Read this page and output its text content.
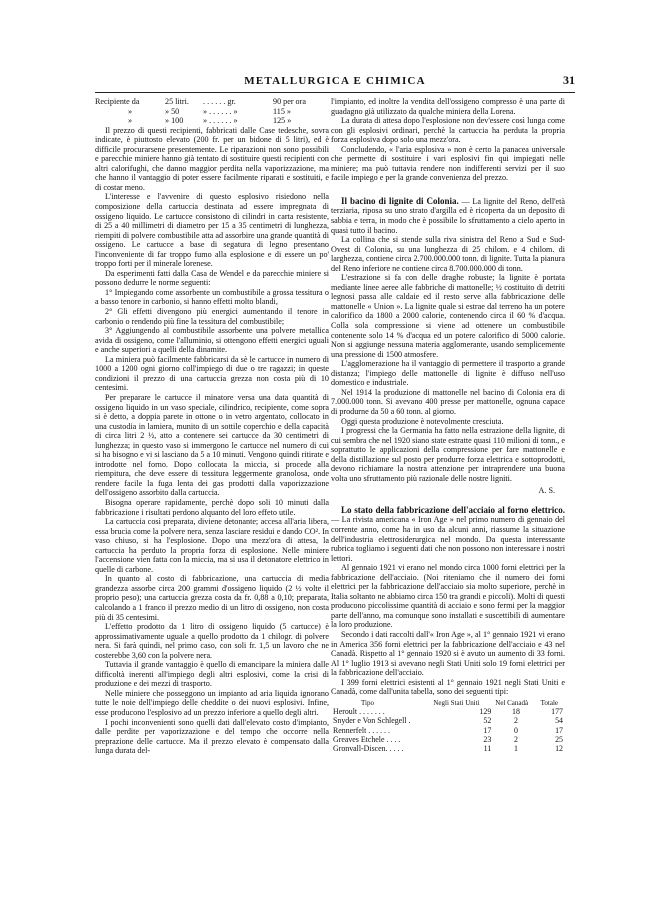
METALLURGICA E CHIMICA	31
Recipiente da	25 litri.	. . . . . . gr.	90 per ora
»	» 50	» . . . . . . »	115 »
»	» 100	» . . . . . . »	125 »

Il prezzo di questi recipienti, fabbricati dalle Case tedesche, sovra indicate, è piuttosto elevato (200 fr. per un bidone di 5 litri), ed è difficile procurarsene presentemente. Le riparazioni non sono possibili e parecchie miniere hanno già tentato di sostituire questi recipienti con altri calorifughi, che danno maggior perdita nella vaporizzazione, ma che hanno il vantaggio di poter essere facilmente riparati e sostituiti, e di costar meno.

L'interesse e l'avvenire di questo esplosivo risiedono nella composizione della cartuccia destinata ad essere impregnata di ossigeno liquido. Le cartucce consistono di cilindri in carta resistente, di 25 a 40 millimetri di diametro per 15 a 35 centimetri di lunghezza, riempiti di polvere combustibile atta ad assorbire una grande quantità di ossigeno. Le cartucce a base di segatura di legno presentano l'inconveniente di far troppo fumo alla esplosione e di essere un po' troppo forti per il minerale lorenese.

Da esperimenti fatti dalla Casa de Wendel e da parecchie miniere si possono dedurre le norme seguenti:

1° Impiegando come assorbente un combustibile a grossa tessitura o a basso tenore in carbonio, si hanno effetti molto blandi,

2° Gli effetti divengono più energici aumentando il tenore in carbonio o rendendo più fine la tessitura del combustibile;

3° Aggiungendo al combustibile assorbente una polvere metallica avida di ossigeno, come l'alluminio, si ottengono effetti energici uguali e anche superiori a quelli della dinamite.

La miniera può facilmente fabbricarsi da sè le cartucce in numero di 1000 a 1200 ogni giorno coll'impiego di due o tre ragazzi; in queste condizioni il prezzo di una cartuccia grezza non costa più di 10 centesimi.

Per preparare le cartucce il minatore versa una data quantità di ossigeno liquido in un vaso speciale, cilindrico, recipiente, come sopra si è detto, a doppia parete in ottone o in vetro argentato, collocato in una custodia in lamiera, munito di un sottile coperchio e della capacità di circa litri 2 ½, atto a contenere sei cartucce da 30 centimetri di lunghezza; in questo vaso si immergono le cartucce nel numero di cui si ha bisogno e vi si lasciano da 5 a 10 minuti. Vengono quindi ritirate e introdotte nel forno. Dopo collocata la miccia, si procede alla riempitura, che deve essere di tessitura leggermente granolosa, onde rendere facile la fuga lenta dei gas prodotti dalla vaporizzazione dell'ossigeno assorbito dalla cartuccia.

Bisogna operare rapidamente, perchè dopo soli 10 minuti dalla fabbricazione i risultati perdono alquanto del loro effeto utile.

La cartuccia così preparata, diviene detonante; accesa all'aria libera, essa brucia come la polvere nera, senza lasciare residui e dando CO². In vaso chiuso, si ha l'esplosione. Dopo una mezz'ora di attesa, la cartuccia ha perduto la propria forza di esplosione. Nelle miniere l'accensione vien fatta con la miccia, ma si usa il detonatore elettrico in quelle di carbone.

In quanto al costo di fabbricazione, una cartuccia di media grandezza assorbe circa 200 grammi d'ossigeno liquido (2 ½ volte il proprio peso); una cartuccia grezza costa da fr. 0,88 a 0,10; preparata, calcolando a 1 franco il prezzo medio di un litro di ossigeno, non costa più di 35 centesimi.

L'effetto prodotto da 1 litro di ossigeno liquido (5 cartucce) è approssimativamente uguale a quello prodotto da 1 chilogr. di polvere nera. Si farà quindi, nel primo caso, con soli fr. 1,5 un lavoro che ne costerebbe 3,60 con la polvere nera.

Tuttavia il grande vantaggio è quello di emancipare la miniera dalle difficoltà inerenti all'impiego degli altri esplosivi, come la crisi di produzione e dei mezzi di trasporto.

Nelle miniere che posseggono un impianto ad aria liquida ignorano tutte le noie dell'impiego delle cheddite o dei nuovi esplosivi. Infine, esse producono l'esplosivo ad un prezzo inferiore a quello degli altri.

I pochi inconvenienti sono quelli dati dall'elevato costo d'impianto, dalle perdite per vaporizzazione e del tempo che occorre nella preprazione delle cartucce. Ma il prezzo elevato è compensato dalla lunga durata del-

l'impianto, ed inoltre la vendita dell'ossigeno compresso è una parte di guadagno già utilizzato da qualche miniera della Lorena.

La durata di attesa dopo l'esplosione non dev'essere così lunga come con gli esplosivi ordinari, perchè la cartuccia ha perduta la propria forza esplosiva dopo solo una mezz'ora.

Concludendo, « l'aria esplosiva » non è certo la panacea universale che permette di sostituire i vari esplosivi fin qui impiegati nelle miniere; ma può tuttavia rendere non indifferenti servizi per il suo facile impiego e per la grande convenienza del prezzo.

Il bacino di lignite di Colonia. — La lignite del Reno, dell'età terziaria, riposa su uno strato d'argilla ed è ricoperta da un deposito di sabbia e terra, in modo che è possibile lo sfruttamento a cielo aperto in quasi tutto il bacino.

La collina che si stende sulla riva sinistra del Reno a Sud e Sud-Ovest di Colonia, su una lunghezza di 25 chilom. e 4 chilom. di larghezza, contiene circa 2.700.000.000 tonn. di lignite. Tutta la pianura del Reno inferiore ne contiene circa 8.700.000.000 di tonn.

L'estrazione si fa con delle draghe robuste; la lignite è portata mediante linee aeree alle fabbriche di mattonelle; ½ costituito di detriti legnosi passa alle caldaie ed il resto serve alla fabbricazione delle mattonelle « Union ». La lignite quale si estrae dal terreno ha un potere calorifico da 1800 a 2000 calorie, contenendo circa il 60 % d'acqua. Colla sola compressione si viene ad ottenere un combustibile contenente solo 14 % d'acqua ed un potere calorifico di 5000 calorie. Non si aggiunge nessuna materia agglomerante, usando semplicemente una pressione di 1500 atmosfere.

L'agglomerazione ha il vantaggio di permettere il trasporto a grande distanza; l'impiego delle mattonelle di lignite è diffuso nell'uso domestico e industriale.

Nel 1914 la produzione di mattonelle nel bacino di Colonia era di 7.000.000 tonn. Si avevano 400 presse per mattonelle, ognuna capace di produrne da 50 a 60 tonn. al giorno.

Oggi questa produzione è notevolmente cresciuta.

I progressi che la Germania ha fatto nella estrazione della lignite, di cui sembra che nel 1920 siano state estratte quasi 110 milioni di tonn., e soprattutto le applicazioni della compressione per fare mattonelle e della distillazione sul posto per produrre forza elettrica e sottoprodotti, devono richiamare la nostra attenzione per intraprendere una buona volta uno sfruttamento più razionale delle nostre ligniti.

A. S.

Lo stato della fabbricazione dell'acciaio al forno elettrico. — La rivista americana « Iron Age » nel primo numero di gennaio del corrente anno, come ha in uso da alcuni anni, riassume la situazione dell'industria elettrosiderurgica nel mondo. Da questa interessante rubrica togliamo i seguenti dati che non possono non interessare i nostri lettori.

Al gennaio 1921 vi erano nel mondo circa 1000 forni elettrici per la fabbricazione dell'acciaio. (Noi riteniamo che il numero dei forni elettrici per la fabbricazione dell'acciaio sia molto superiore, perchè in Italia soltanto ne abbiamo circa 150 tra grandi e piccoli). Molti di questi producono piccolissime quantità di acciaio e sono fermi per la maggior parte dell'anno, ma comunque sono installati e suscettibili di aumentare la loro produzione.

Secondo i dati raccolti dall'« Iron Age », al 1° gennaio 1921 vi erano in America 356 forni elettrici per la fabbricazione dell'acciaio e 43 nel Canadà. Rispetto al 1° gennaio 1920 si è avuto un aumento di 33 forni. Al 1° luglio 1913 si avevano negli Stati Uniti solo 19 forni elettrici per la fabbricazione dell'acciaio.

I 399 forni elettrici esistenti al 1° gennaio 1921 negli Stati Uniti e Canadà, come dall'unita tabella, sono dei seguenti tipi:

Tipo	Negli Stati Uniti	Nel Canadà	Totale
Heroult . . . . . . .	129	18	177
Snyder e Von Schlegell .	52	2	54
Rennerfelt . . . . . .	17	0	17
Greaves Etchele . . . .	23	2	25
Gronvall-Discen. . . . .	11	1	12
